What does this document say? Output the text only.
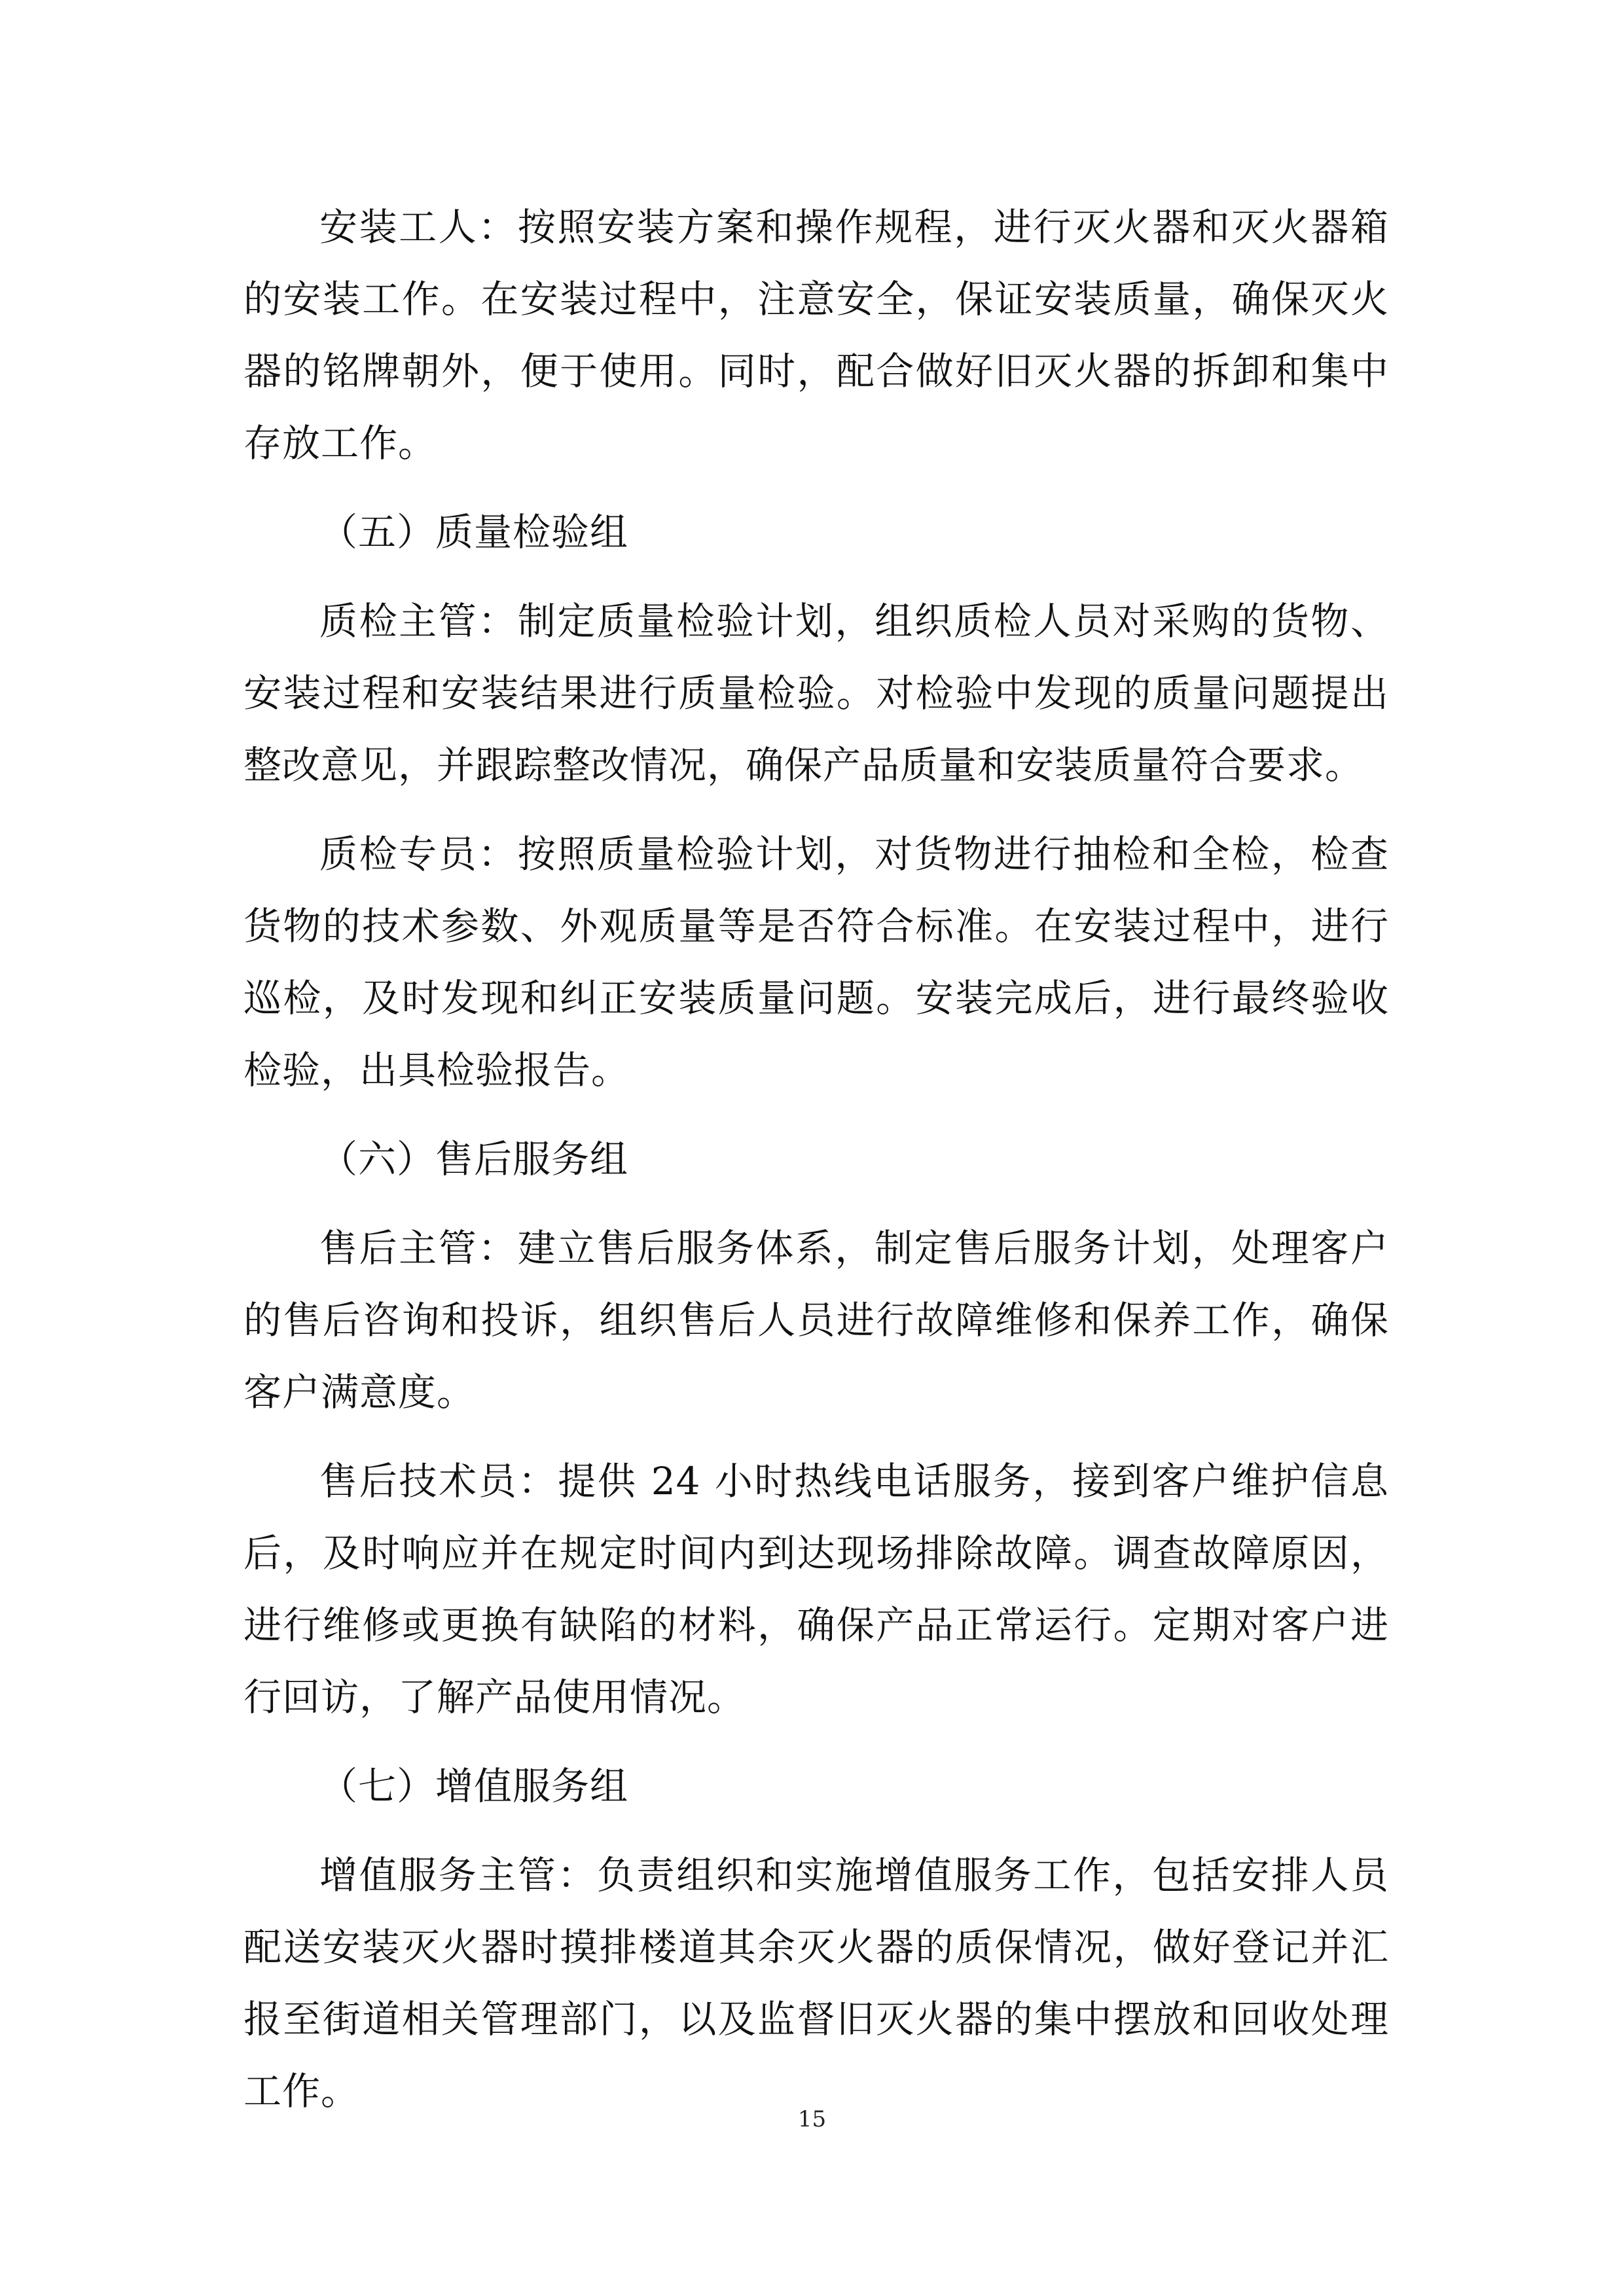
安装工人：按照安装方案和操作规程，进行灭火器和灭火器箱的安装工作。在安装过程中，注意安全，保证安装质量，确保灭火器的铭牌朝外，便于使用。同时，配合做好旧灭火器的拆卸和集中存放工作。

（五）质量检验组

质检主管：制定质量检验计划，组织质检人员对采购的货物、安装过程和安装结果进行质量检验。对检验中发现的质量问题提出整改意见，并跟踪整改情况，确保产品质量和安装质量符合要求。

质检专员：按照质量检验计划，对货物进行抽检和全检，检查货物的技术参数、外观质量等是否符合标准。在安装过程中，进行巡检，及时发现和纠正安装质量问题。安装完成后，进行最终验收检验，出具检验报告。

（六）售后服务组

售后主管：建立售后服务体系，制定售后服务计划，处理客户的售后咨询和投诉，组织售后人员进行故障维修和保养工作，确保客户满意度。

售后技术员：提供 24 小时热线电话服务，接到客户维护信息后，及时响应并在规定时间内到达现场排除故障。调查故障原因，进行维修或更换有缺陷的材料，确保产品正常运行。定期对客户进行回访，了解产品使用情况。

（七）增值服务组

增值服务主管：负责组织和实施增值服务工作，包括安排人员配送安装灭火器时摸排楼道其余灭火器的质保情况，做好登记并汇报至街道相关管理部门，以及监督旧灭火器的集中摆放和回收处理工作。

15
